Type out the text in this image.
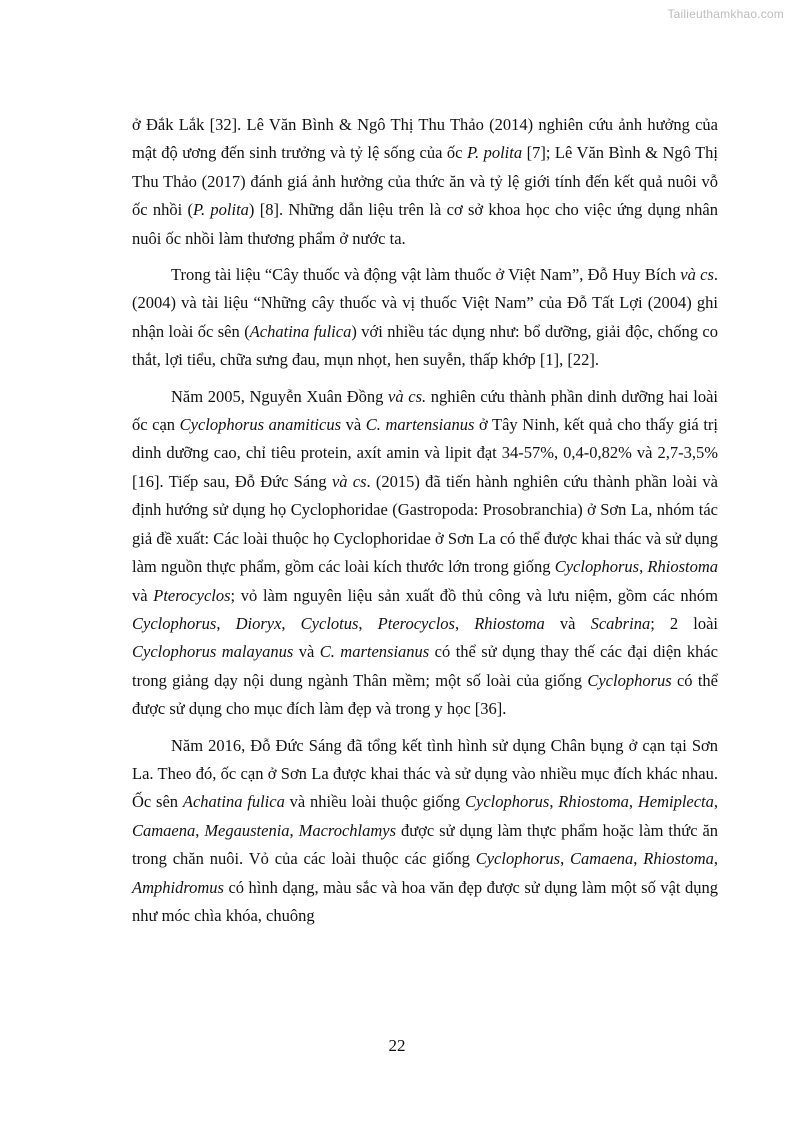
Tailieuthamkhao.com

ở Đắk Lắk [32]. Lê Văn Bình & Ngô Thị Thu Thảo (2014) nghiên cứu ảnh hưởng của mật độ ương đến sinh trưởng và tỷ lệ sống của ốc P. polita [7]; Lê Văn Bình & Ngô Thị Thu Thảo (2017) đánh giá ảnh hưởng của thức ăn và tỷ lệ giới tính đến kết quả nuôi vỗ ốc nhồi (P. polita) [8]. Những dẫn liệu trên là cơ sở khoa học cho việc ứng dụng nhân nuôi ốc nhồi làm thương phẩm ở nước ta.

Trong tài liệu “Cây thuốc và động vật làm thuốc ở Việt Nam”, Đỗ Huy Bích và cs. (2004) và tài liệu “Những cây thuốc và vị thuốc Việt Nam” của Đỗ Tất Lợi (2004) ghi nhận loài ốc sên (Achatina fulica) với nhiều tác dụng như: bổ dưỡng, giải độc, chống co thắt, lợi tiểu, chữa sưng đau, mụn nhọt, hen suyễn, thấp khớp [1], [22].

Năm 2005, Nguyễn Xuân Đồng và cs. nghiên cứu thành phần dinh dưỡng hai loài ốc cạn Cyclophorus anamiticus và C. martensianus ở Tây Ninh, kết quả cho thấy giá trị dinh dưỡng cao, chỉ tiêu protein, axít amin và lipit đạt 34-57%, 0,4-0,82% và 2,7-3,5% [16]. Tiếp sau, Đỗ Đức Sáng và cs. (2015) đã tiến hành nghiên cứu thành phần loài và định hướng sử dụng họ Cyclophoridae (Gastropoda: Prosobranchia) ở Sơn La, nhóm tác giả đề xuất: Các loài thuộc họ Cyclophoridae ở Sơn La có thể được khai thác và sử dụng làm nguồn thực phẩm, gồm các loài kích thước lớn trong giống Cyclophorus, Rhiostoma và Pterocyclos; vỏ làm nguyên liệu sản xuất đồ thủ công và lưu niệm, gồm các nhóm Cyclophorus, Dioryx, Cyclotus, Pterocyclos, Rhiostoma và Scabrina; 2 loài Cyclophorus malayanus và C. martensianus có thể sử dụng thay thế các đại diện khác trong giảng dạy nội dung ngành Thân mềm; một số loài của giống Cyclophorus có thể được sử dụng cho mục đích làm đẹp và trong y học [36].

Năm 2016, Đỗ Đức Sáng đã tổng kết tình hình sử dụng Chân bụng ở cạn tại Sơn La. Theo đó, ốc cạn ở Sơn La được khai thác và sử dụng vào nhiều mục đích khác nhau. Ốc sên Achatina fulica và nhiều loài thuộc giống Cyclophorus, Rhiostoma, Hemiplecta, Camaena, Megaustenia, Macrochlamys được sử dụng làm thực phẩm hoặc làm thức ăn trong chăn nuôi. Vỏ của các loài thuộc các giống Cyclophorus, Camaena, Rhiostoma, Amphidromus có hình dạng, màu sắc và hoa văn đẹp được sử dụng làm một số vật dụng như móc chìa khóa, chuông

22
